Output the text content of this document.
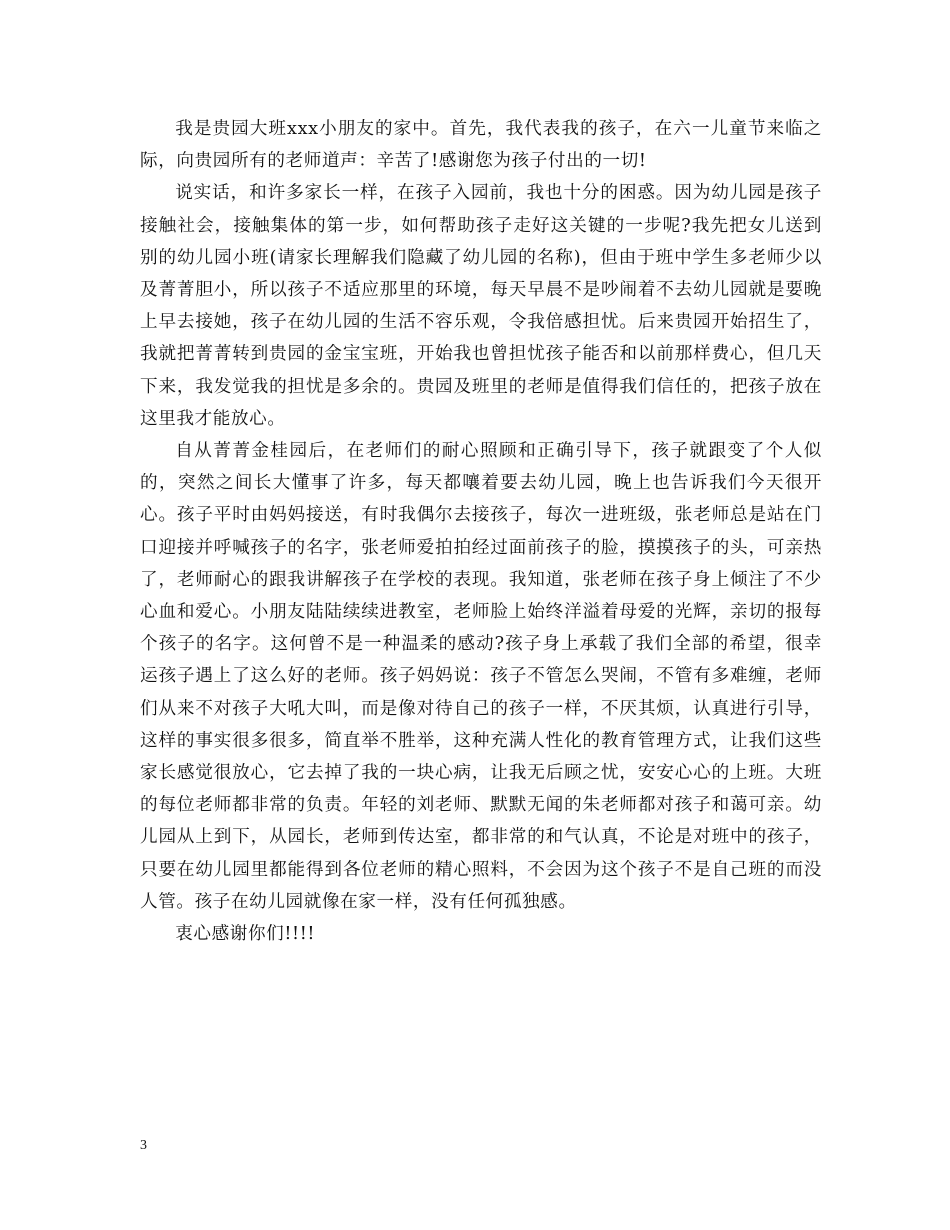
我是贵园大班xxx小朋友的家中。首先，我代表我的孩子，在六一儿童节来临之际，向贵园所有的老师道声：辛苦了!感谢您为孩子付出的一切!

说实话，和许多家长一样，在孩子入园前，我也十分的困惑。因为幼儿园是孩子接触社会，接触集体的第一步，如何帮助孩子走好这关键的一步呢?我先把女儿送到别的幼儿园小班(请家长理解我们隐藏了幼儿园的名称)，但由于班中学生多老师少以及菁菁胆小，所以孩子不适应那里的环境，每天早晨不是吵闹着不去幼儿园就是要晚上早去接她，孩子在幼儿园的生活不容乐观，令我倍感担忧。后来贵园开始招生了，我就把菁菁转到贵园的金宝宝班，开始我也曾担忧孩子能否和以前那样费心，但几天下来，我发觉我的担忧是多余的。贵园及班里的老师是值得我们信任的，把孩子放在这里我才能放心。

自从菁菁金桂园后，在老师们的耐心照顾和正确引导下，孩子就跟变了个人似的，突然之间长大懂事了许多，每天都嚷着要去幼儿园，晚上也告诉我们今天很开心。孩子平时由妈妈接送，有时我偶尔去接孩子，每次一进班级，张老师总是站在门口迎接并呼喊孩子的名字，张老师爱拍拍经过面前孩子的脸，摸摸孩子的头，可亲热了，老师耐心的跟我讲解孩子在学校的表现。我知道，张老师在孩子身上倾注了不少心血和爱心。小朋友陆陆续续进教室，老师脸上始终洋溢着母爱的光辉，亲切的报每个孩子的名字。这何曾不是一种温柔的感动?孩子身上承载了我们全部的希望，很幸运孩子遇上了这么好的老师。孩子妈妈说：孩子不管怎么哭闹，不管有多难缠，老师们从来不对孩子大吼大叫，而是像对待自己的孩子一样，不厌其烦，认真进行引导，这样的事实很多很多，简直举不胜举，这种充满人性化的教育管理方式，让我们这些家长感觉很放心，它去掉了我的一块心病，让我无后顾之忧，安安心心的上班。大班的每位老师都非常的负责。年轻的刘老师、默默无闻的朱老师都对孩子和蔼可亲。幼儿园从上到下，从园长，老师到传达室，都非常的和气认真，不论是对班中的孩子，只要在幼儿园里都能得到各位老师的精心照料，不会因为这个孩子不是自己班的而没人管。孩子在幼儿园就像在家一样，没有任何孤独感。

衷心感谢你们!!!!

3
